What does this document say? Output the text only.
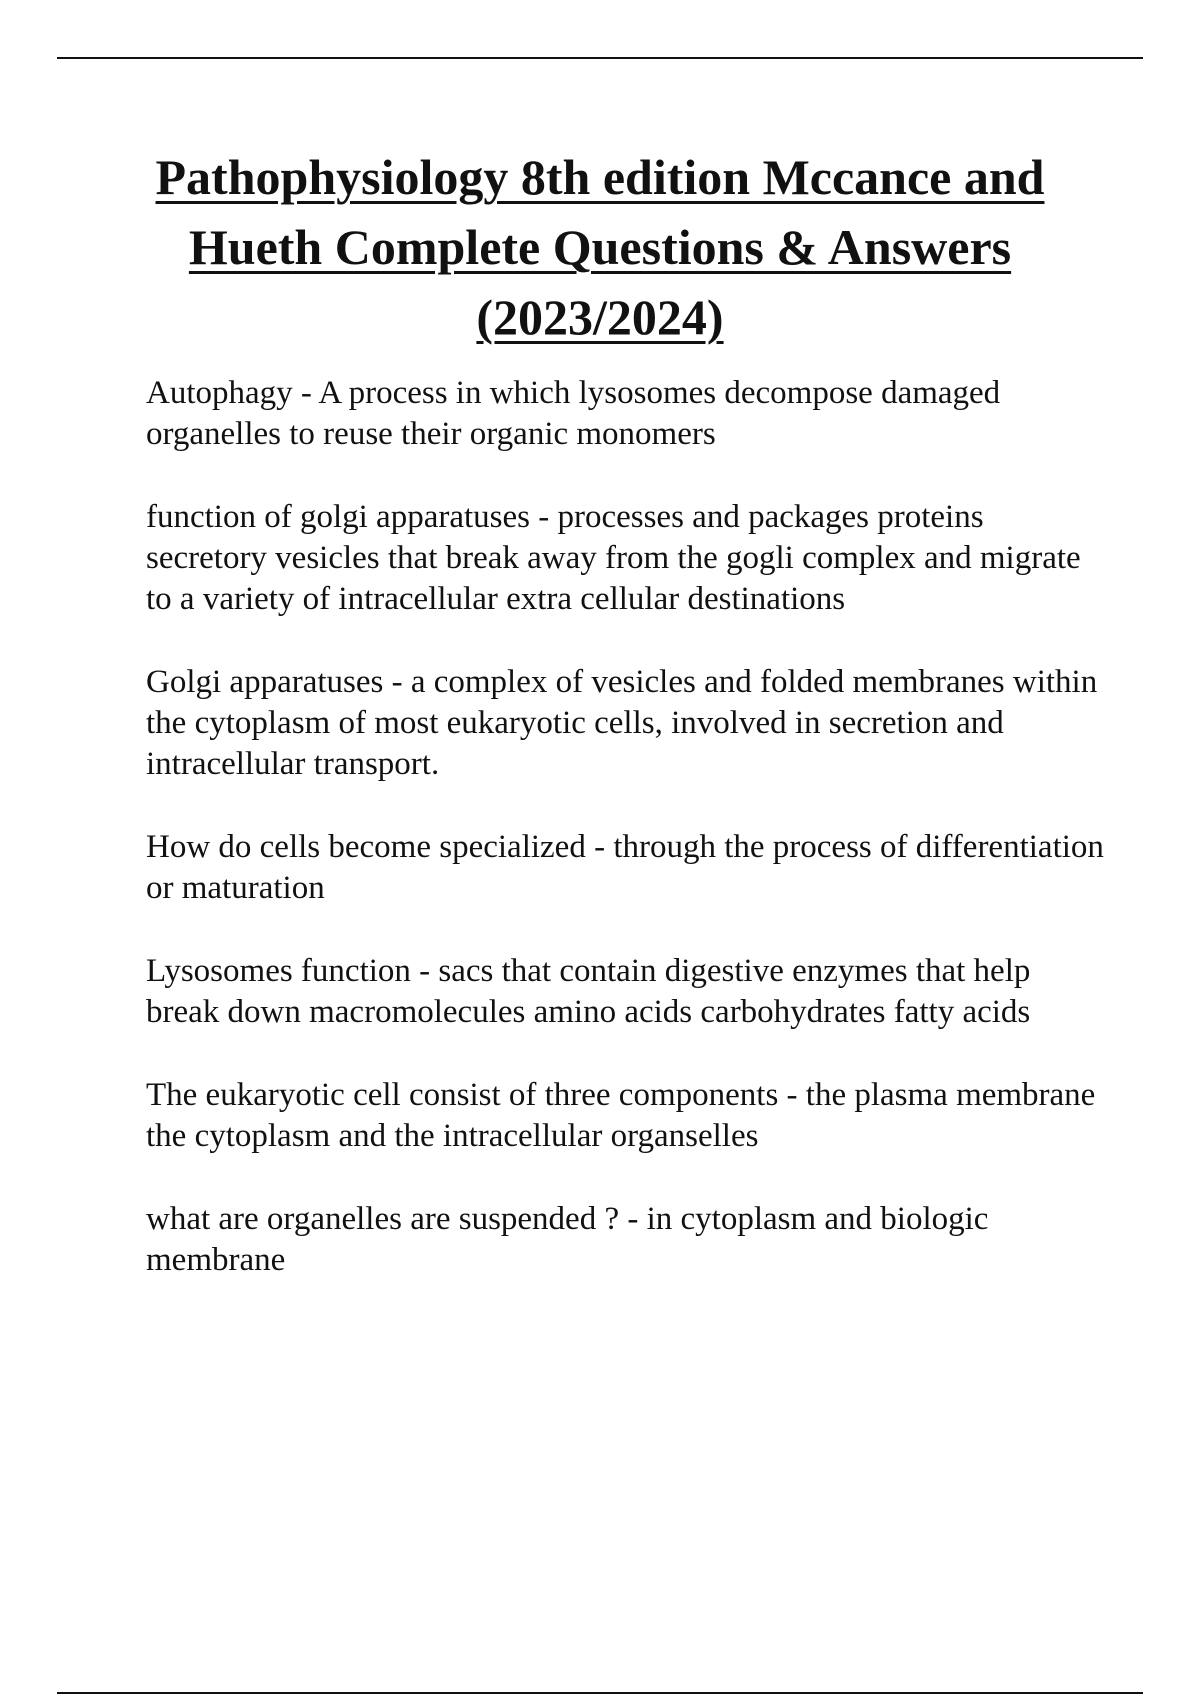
Pathophysiology 8th edition Mccance and
Hueth Complete Questions & Answers
(2023/2024)
Autophagy - A process in which lysosomes decompose damaged organelles to reuse their organic monomers
function of golgi apparatuses - processes and packages proteins secretory vesicles that break away from the gogli complex and migrate to a variety of intracellular extra cellular destinations
Golgi apparatuses - a complex of vesicles and folded membranes within the cytoplasm of most eukaryotic cells, involved in secretion and intracellular transport.
How do cells become specialized - through the process of differentiation or maturation
Lysosomes function - sacs that contain digestive enzymes that help break down macromolecules amino acids carbohydrates fatty acids
The eukaryotic cell consist of three components - the plasma membrane the cytoplasm and the intracellular organselles
what are organelles are suspended ? - in cytoplasm and biologic membrane
